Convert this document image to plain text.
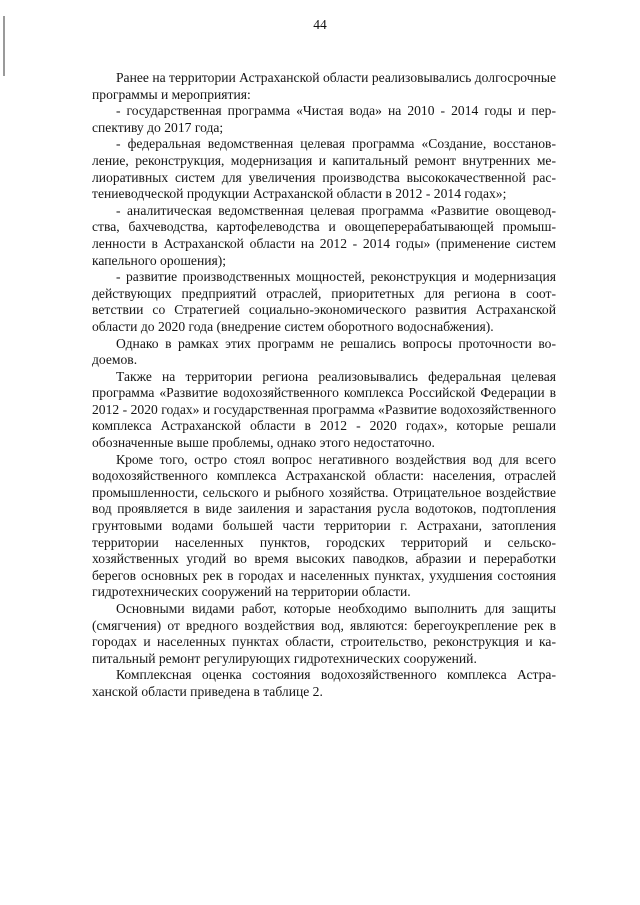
44

Ранее на территории Астраханской области реализовывались долгосрочные программы и мероприятия:

- государственная программа «Чистая вода» на 2010 - 2014 годы и перспективу до 2017 года;

- федеральная ведомственная целевая программа «Создание, восстановление, реконструкция, модернизация и капитальный ремонт внутренних мелиоративных систем для увеличения производства высококачественной растениеводческой продукции Астраханской области в 2012 - 2014 годах»;

- аналитическая ведомственная целевая программа «Развитие овощеводства, бахчеводства, картофелеводства и овощеперерабатывающей промышленности в Астраханской области на 2012 - 2014 годы» (применение систем капельного орошения);

- развитие производственных мощностей, реконструкция и модернизация действующих предприятий отраслей, приоритетных для региона в соответствии со Стратегией социально-экономического развития Астраханской области до 2020 года (внедрение систем оборотного водоснабжения).

Однако в рамках этих программ не решались вопросы проточности водоемов.

Также на территории региона реализовывались федеральная целевая программа «Развитие водохозяйственного комплекса Российской Федерации в 2012 - 2020 годах» и государственная программа «Развитие водохозяйственного комплекса Астраханской области в 2012 - 2020 годах», которые решали обозначенные выше проблемы, однако этого недостаточно.

Кроме того, остро стоял вопрос негативного воздействия вод для всего водохозяйственного комплекса Астраханской области: населения, отраслей промышленности, сельского и рыбного хозяйства. Отрицательное воздействие вод проявляется в виде заиления и зарастания русла водотоков, подтопления грунтовыми водами большей части территории г. Астрахани, затопления территории населенных пунктов, городских территорий и сельскохозяйственных угодий во время высоких паводков, абразии и переработки берегов основных рек в городах и населенных пунктах, ухудшения состояния гидротехнических сооружений на территории области.

Основными видами работ, которые необходимо выполнить для защиты (смягчения) от вредного воздействия вод, являются: берегоукрепление рек в городах и населенных пунктах области, строительство, реконструкция и капитальный ремонт регулирующих гидротехнических сооружений.

Комплексная оценка состояния водохозяйственного комплекса Астраханской области приведена в таблице 2.
